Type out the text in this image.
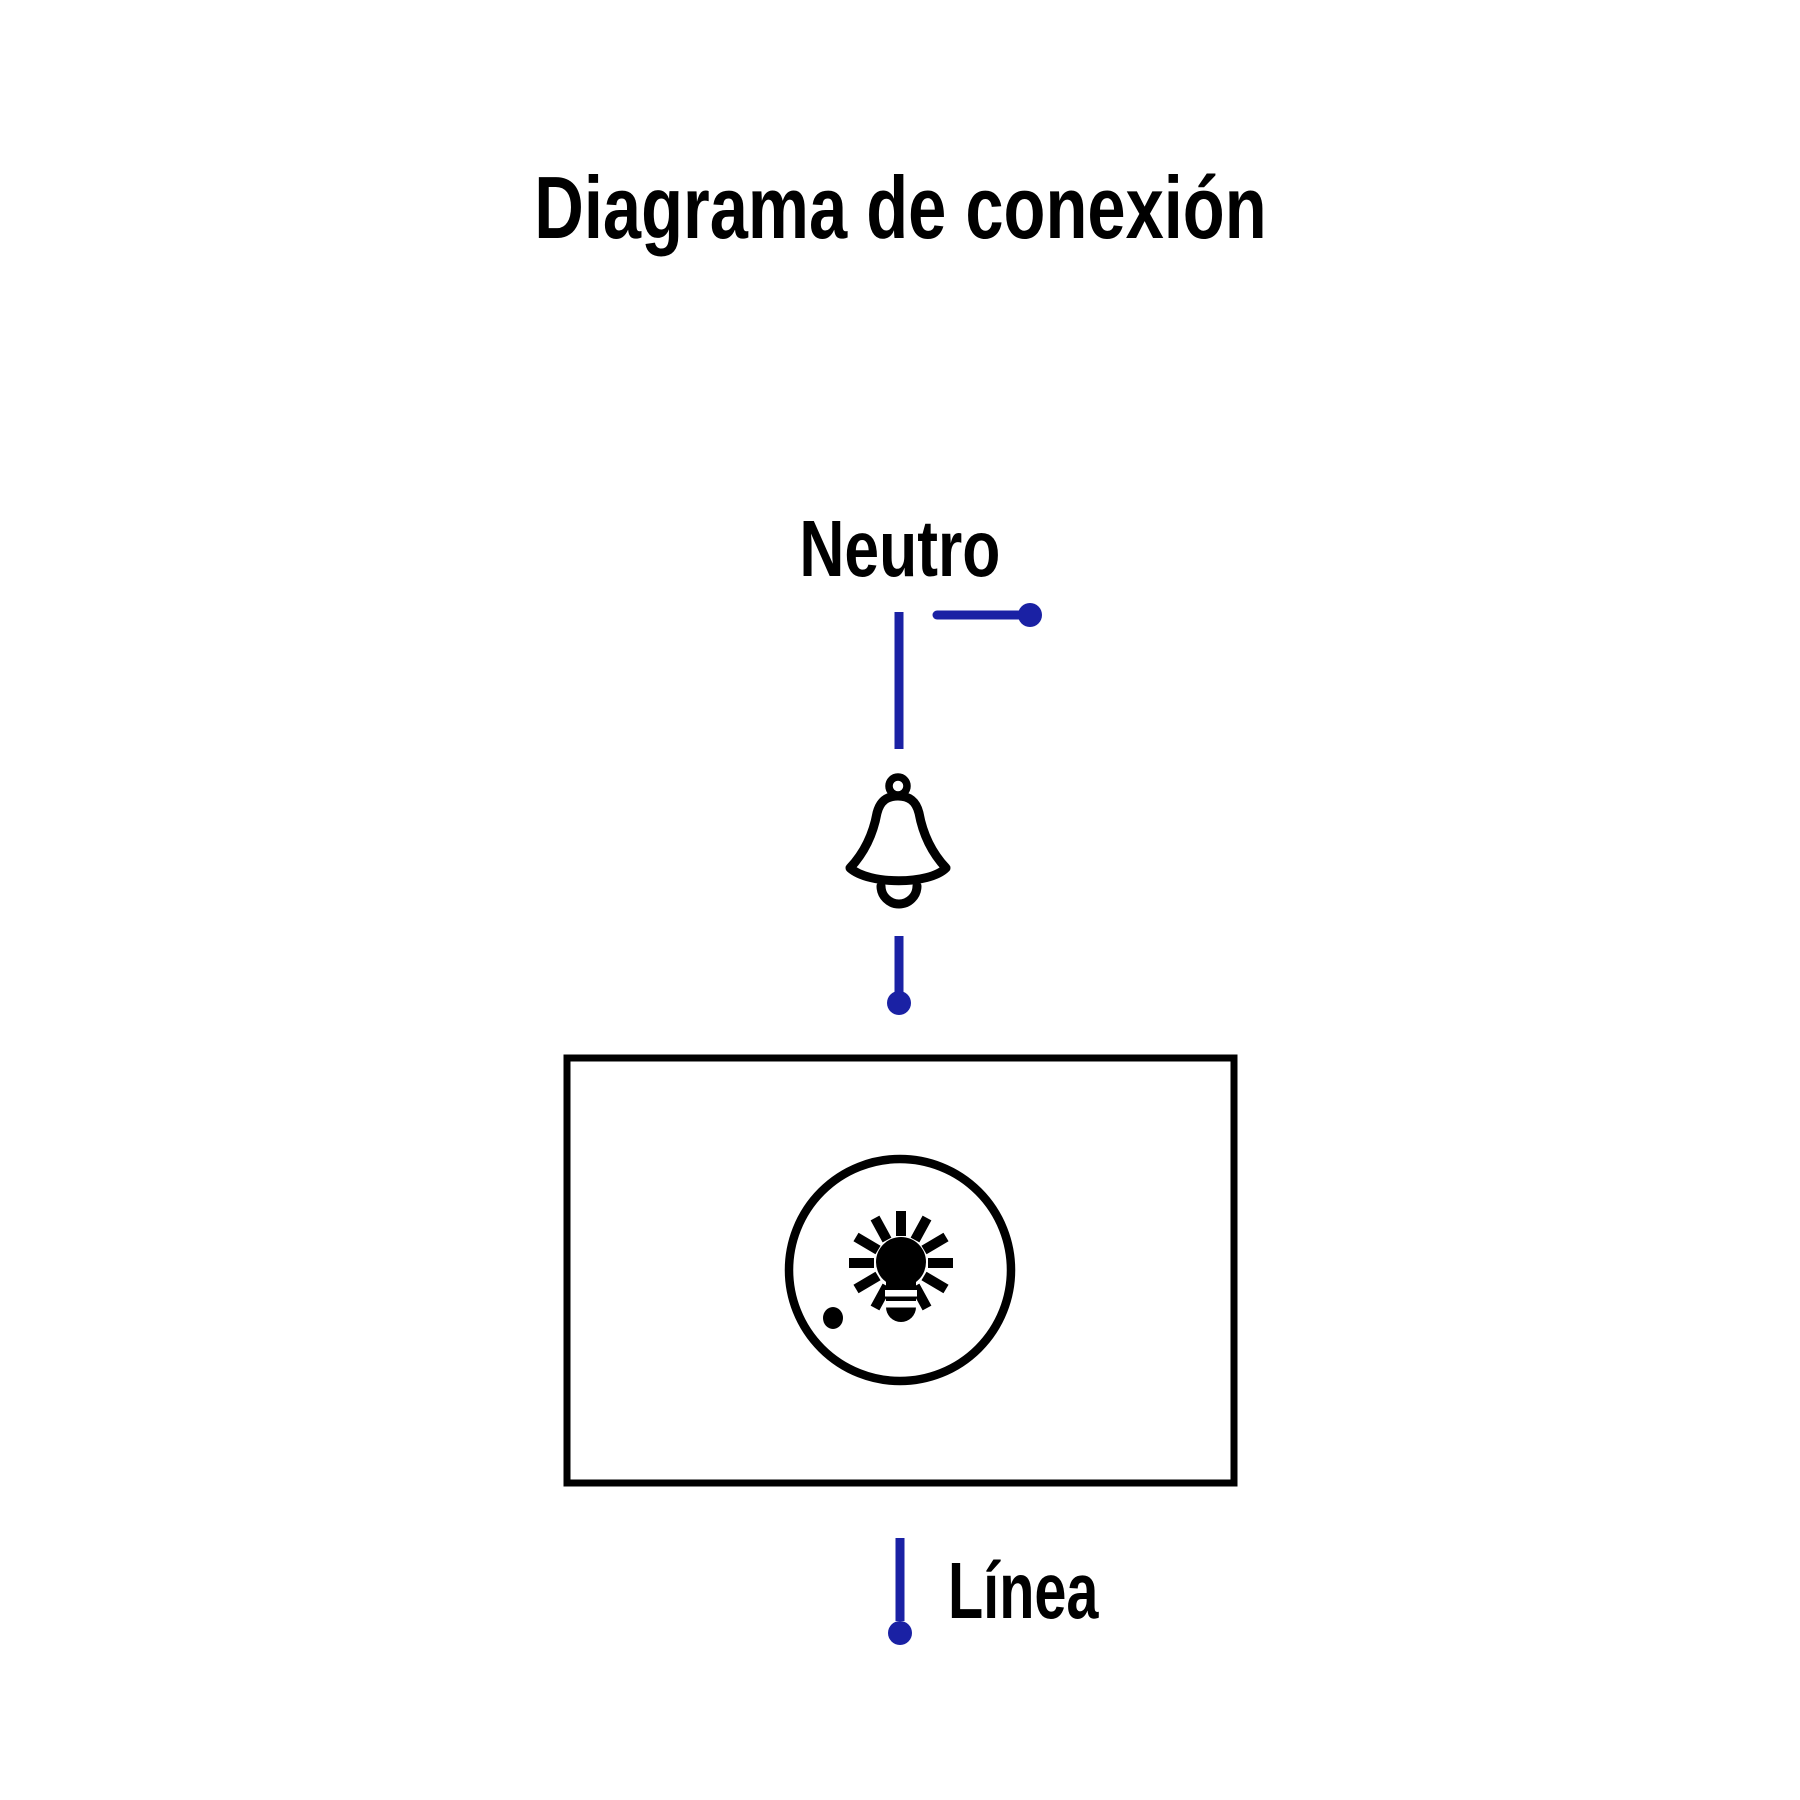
Diagrama de conexión
Neutro
Línea
